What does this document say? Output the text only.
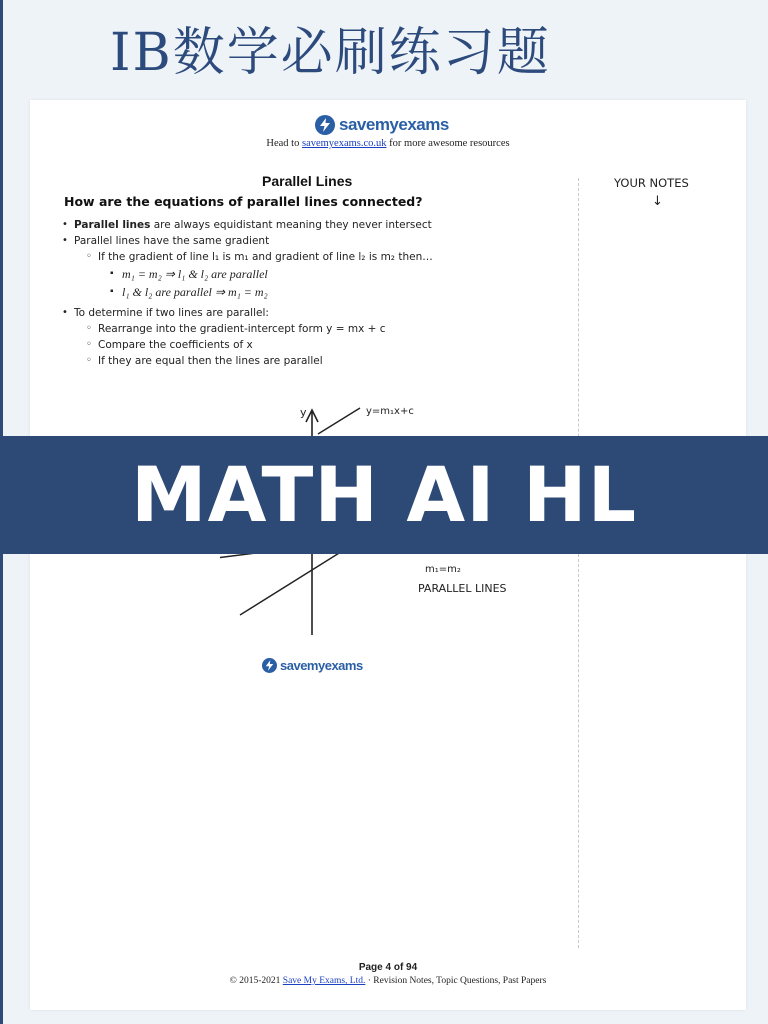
IB数学必刷练习题
savemyexams
Head to savemyexams.co.uk for more awesome resources
Parallel Lines
How are the equations of parallel lines connected?
YOUR NOTES
↓
• Parallel lines are always equidistant meaning they never intersect
• Parallel lines have the same gradient
◦ If the gradient of line l₁ is m₁ and gradient of line l₂ is m₂ then…
▪ m₁ = m₂ ⇒ l₁ & l₂ are parallel
▪ l₁ & l₂ are parallel ⇒ m₁ = m₂
• To determine if two lines are parallel:
◦ Rearrange into the gradient-intercept form y = mx + c
◦ Compare the coefficients of x
◦ If they are equal then the lines are parallel
y	y=m₁x+c
m₁=m₂
PARALLEL LINES
savemyexams
Page 4 of 94
© 2015-2021 Save My Exams, Ltd. · Revision Notes, Topic Questions, Past Papers
MATH AI HL
